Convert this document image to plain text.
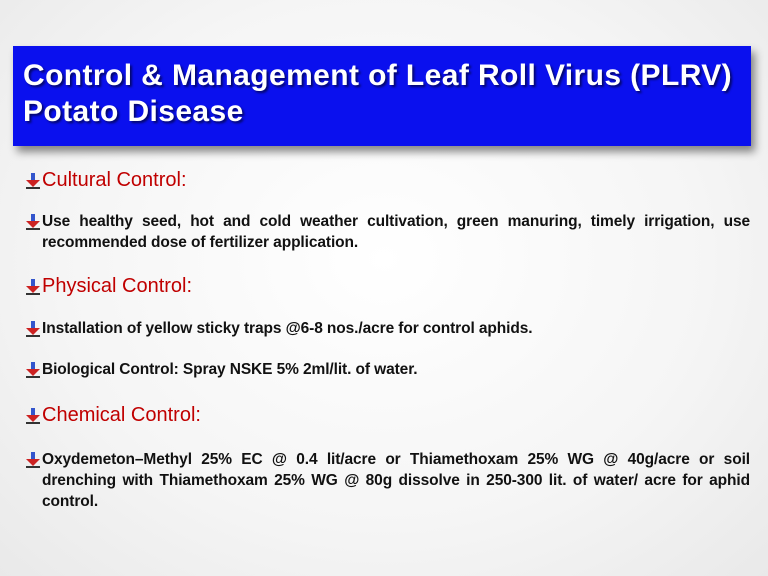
Control & Management of Leaf Roll Virus (PLRV) Potato Disease
Cultural Control:
Use healthy seed, hot and cold weather cultivation, green manuring, timely irrigation, use recommended dose of fertilizer application.
Physical Control:
Installation of yellow sticky traps @6-8 nos./acre for control aphids.
Biological Control: Spray NSKE 5% 2ml/lit. of water.
Chemical Control:
Oxydemeton–Methyl 25% EC @ 0.4 lit/acre or Thiamethoxam 25% WG @ 40g/acre or soil drenching with Thiamethoxam 25% WG @ 80g dissolve in 250-300 lit. of water/ acre for aphid control.
